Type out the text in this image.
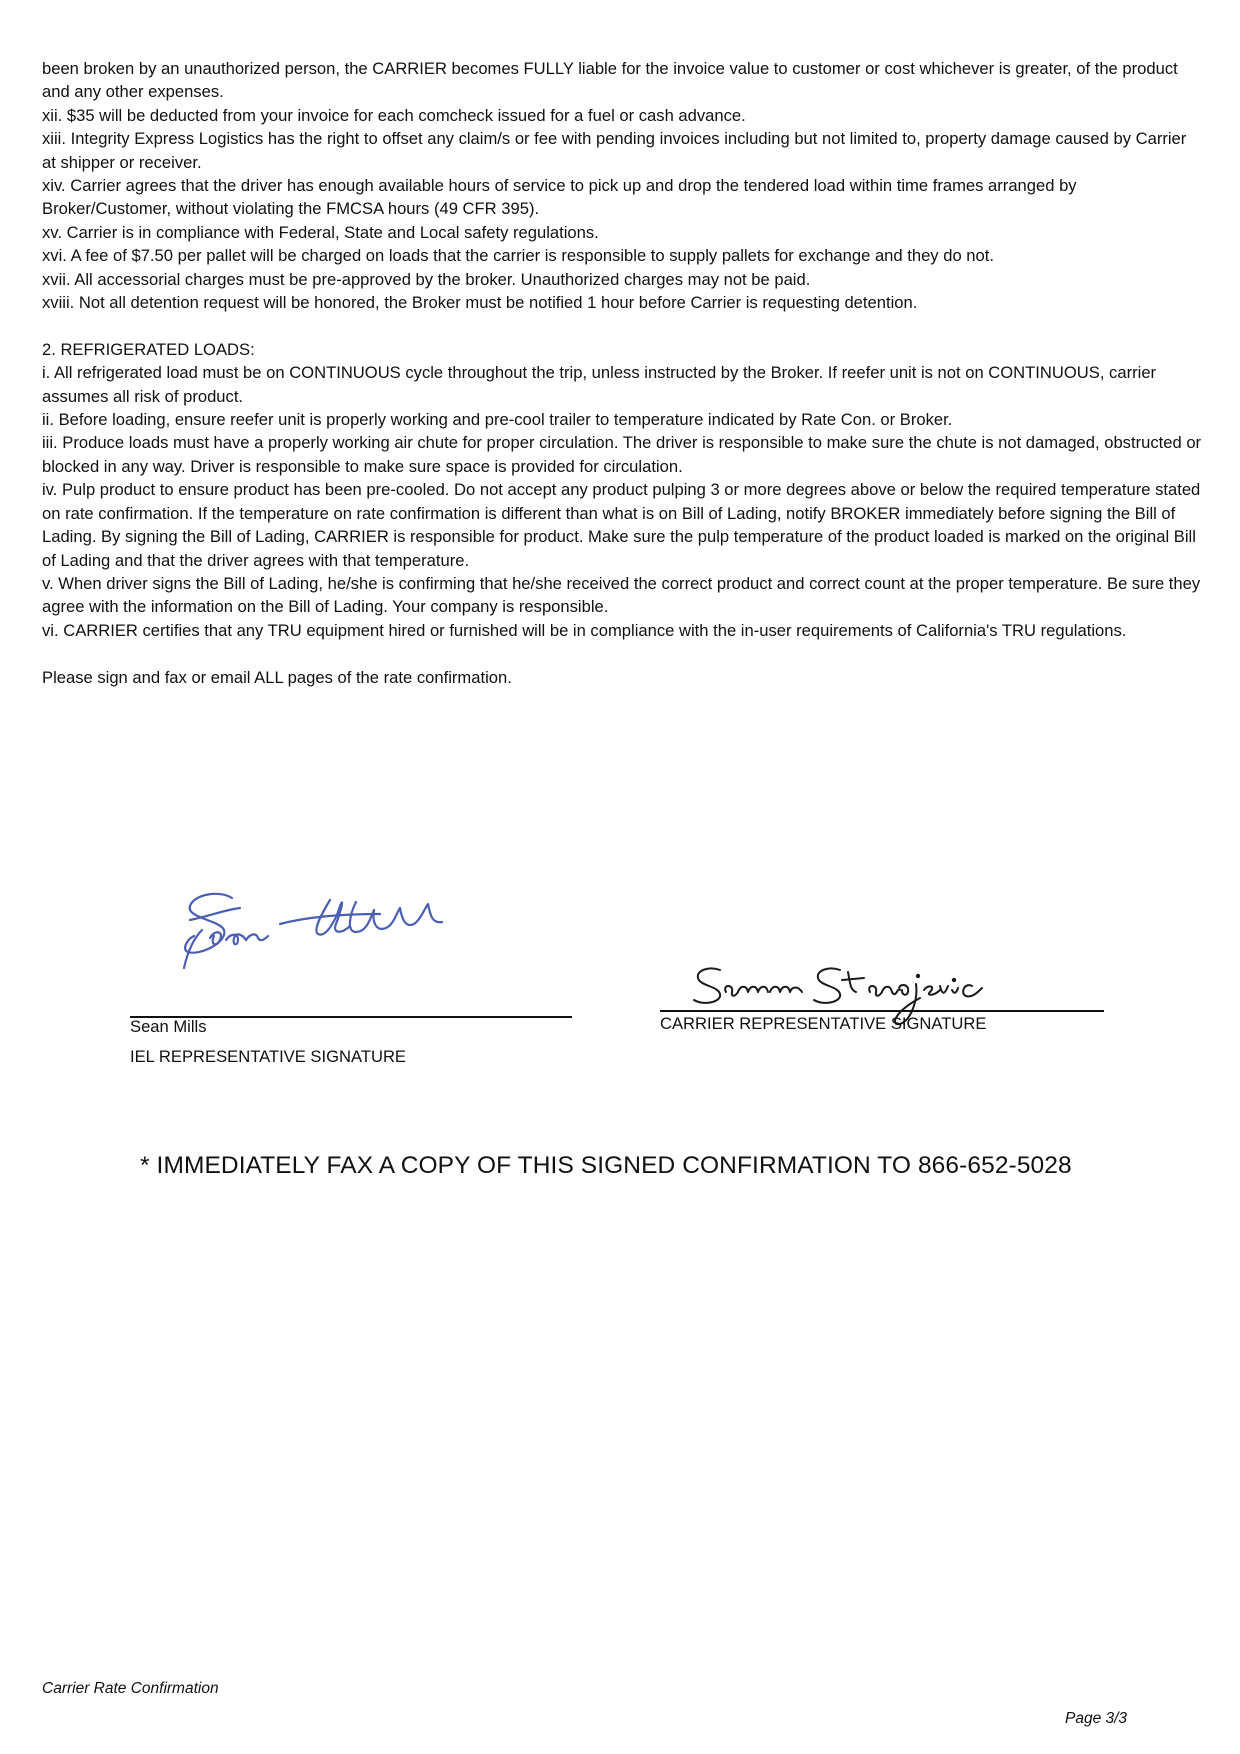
been broken by an unauthorized person, the CARRIER becomes FULLY liable for the invoice value to customer or cost whichever is greater, of the product and any other expenses.

xii. $35 will be deducted from your invoice for each comcheck issued for a fuel or cash advance.

xiii. Integrity Express Logistics has the right to offset any claim/s or fee with pending invoices including but not limited to, property damage caused by Carrier at shipper or receiver.

xiv. Carrier agrees that the driver has enough available hours of service to pick up and drop the tendered load within time frames arranged by Broker/Customer, without violating the FMCSA hours (49 CFR 395).

xv. Carrier is in compliance with Federal, State and Local safety regulations.

xvi. A fee of $7.50 per pallet will be charged on loads that the carrier is responsible to supply pallets for exchange and they do not.

xvii. All accessorial charges must be pre-approved by the broker. Unauthorized charges may not be paid.

xviii. Not all detention request will be honored, the Broker must be notified 1 hour before Carrier is requesting detention.

2. REFRIGERATED LOADS:

i. All refrigerated load must be on CONTINUOUS cycle throughout the trip, unless instructed by the Broker. If reefer unit is not on CONTINUOUS, carrier assumes all risk of product.

ii. Before loading, ensure reefer unit is properly working and pre-cool trailer to temperature indicated by Rate Con. or Broker.

iii. Produce loads must have a properly working air chute for proper circulation. The driver is responsible to make sure the chute is not damaged, obstructed or blocked in any way. Driver is responsible to make sure space is provided for circulation.

iv. Pulp product to ensure product has been pre-cooled. Do not accept any product pulping 3 or more degrees above or below the required temperature stated on rate confirmation. If the temperature on rate confirmation is different than what is on Bill of Lading, notify BROKER immediately before signing the Bill of Lading. By signing the Bill of Lading, CARRIER is responsible for product. Make sure the pulp temperature of the product loaded is marked on the original Bill of Lading and that the driver agrees with that temperature.

v. When driver signs the Bill of Lading, he/she is confirming that he/she received the correct product and correct count at the proper temperature. Be sure they agree with the information on the Bill of Lading. Your company is responsible.

vi. CARRIER certifies that any TRU equipment hired or furnished will be in compliance with the in-user requirements of California's TRU regulations.

Please sign and fax or email ALL pages of the rate confirmation.

Sean Mills
IEL REPRESENTATIVE SIGNATURE
CARRIER REPRESENTATIVE SIGNATURE
* IMMEDIATELY FAX A COPY OF THIS SIGNED CONFIRMATION TO 866-652-5028
Carrier Rate Confirmation
Page 3/3
